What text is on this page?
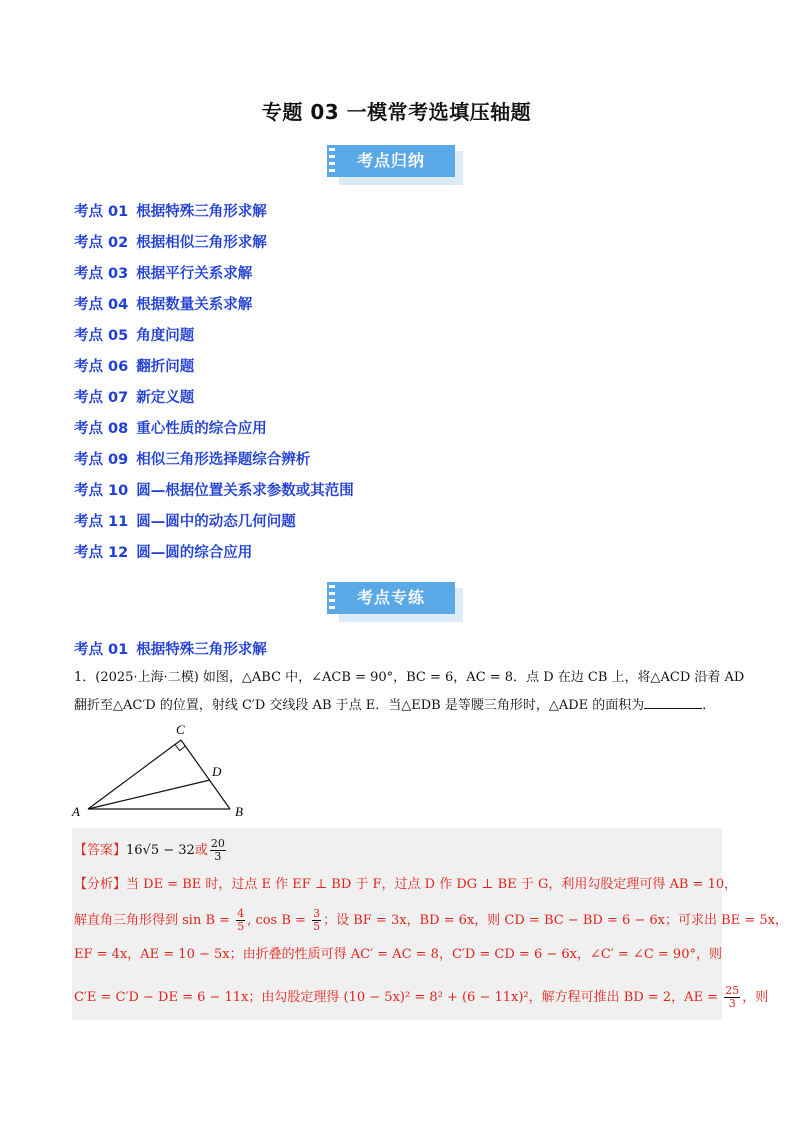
专题 03 一模常考选填压轴题
考点归纳
考点 01 根据特殊三角形求解
考点 02 根据相似三角形求解
考点 03 根据平行关系求解
考点 04 根据数量关系求解
考点 05 角度问题
考点 06 翻折问题
考点 07 新定义题
考点 08 重心性质的综合应用
考点 09 相似三角形选择题综合辨析
考点 10 圆—根据位置关系求参数或其范围
考点 11 圆—圆中的动态几何问题
考点 12 圆—圆的综合应用
考点专练
考点 01 根据特殊三角形求解
1．(2025·上海·二模) 如图，△ABC 中，∠ACB = 90°，BC = 6，AC = 8．点 D 在边 CB 上，将△ACD 沿着 AD
翻折至△AC′D 的位置，射线 C′D 交线段 AB 于点 E．当△EDB 是等腰三角形时，△ADE 的面积为	．
C
D
A	B
【答案】16√5 − 32或 $\frac{20}{3}$
【分析】当 DE = BE 时，过点 E 作 EF ⊥ BD 于 F，过点 D 作 DG ⊥ BE 于 G，利用勾股定理可得 AB = 10，
解直角三角形得到 $\sin B = \frac{4}{5}$ , $\cos B = \frac{3}{5}$ ；设 BF = 3x，BD = 6x，则 CD = BC − BD = 6 − 6x；可求出 BE = 5x，
EF = 4x，AE = 10 − 5x；由折叠的性质可得 AC′ = AC = 8，C′D = CD = 6 − 6x，∠C′ = ∠C = 90°，则
C′E = C′D − DE = 6 − 11x；由勾股定理得 (10 − 5x)² = 8² + (6 − 11x)²，解方程可推出 BD = 2，AE = $\frac{25}{3}$ ，则
